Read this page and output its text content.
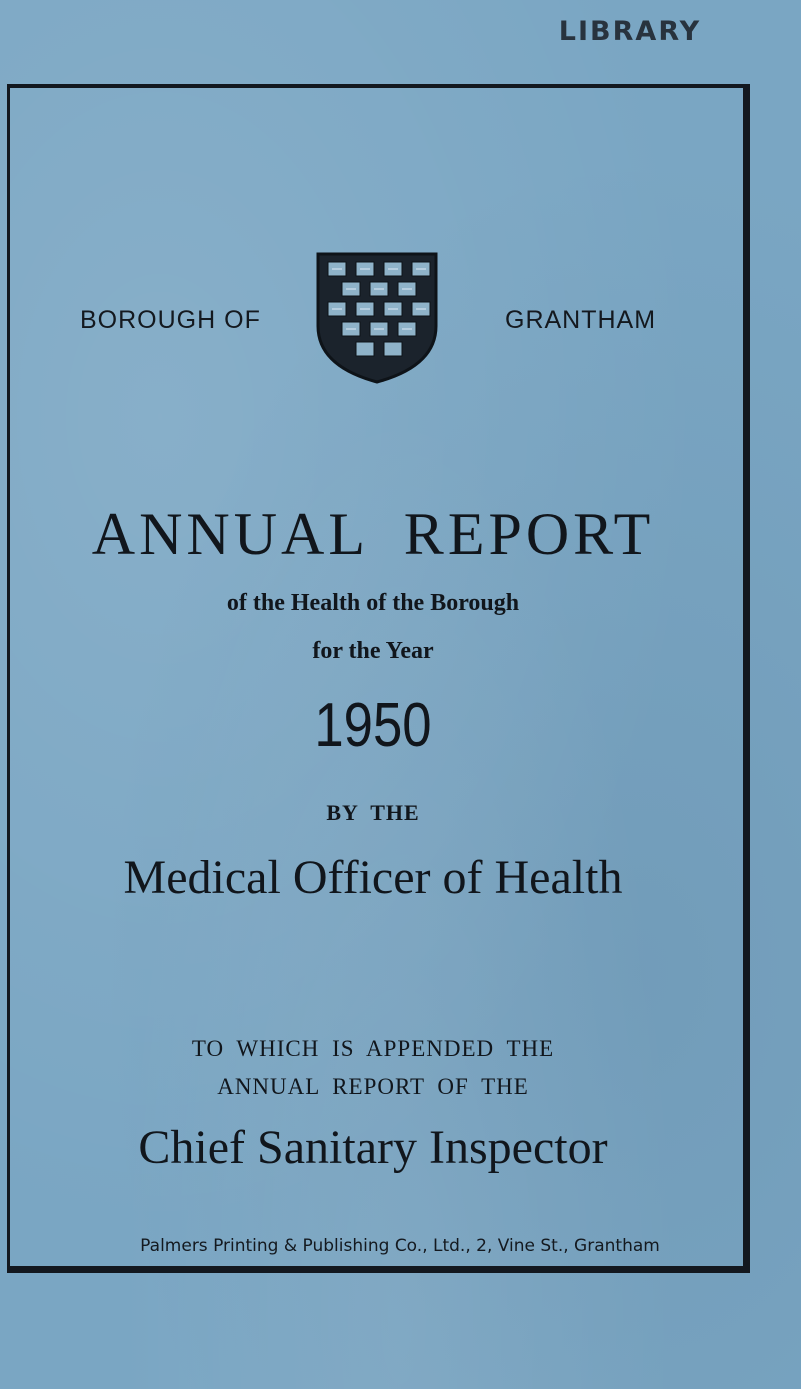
LIBRARY
BOROUGH OF	GRANTHAM
ANNUAL REPORT
of the Health of the Borough
for the Year
1950
BY THE
Medical Officer of Health
TO WHICH IS APPENDED THE
ANNUAL REPORT OF THE
Chief Sanitary Inspector
Palmers Printing & Publishing Co., Ltd., 2, Vine St., Grantham
